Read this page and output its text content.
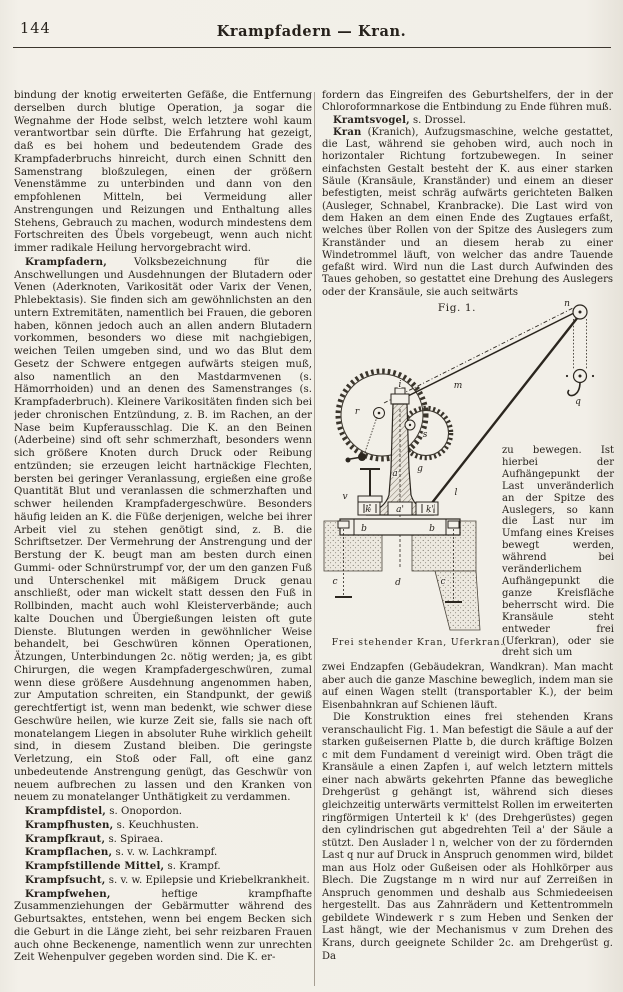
144	Krampfadern — Kran.

bindung der knotig erweiterten Gefäße, die Entfernung derselben durch blutige Operation, ja sogar die Wegnahme der Hode selbst, welch letztere wohl kaum verantwortbar sein dürfte. Die Erfahrung hat gezeigt, daß es bei hohem und bedeutendem Grade des Krampfaderbruchs hinreicht, durch einen Schnitt den Samenstrang bloßzulegen, einen der größern Venenstämme zu unterbinden und dann von den empfohlenen Mitteln, bei Vermeidung aller Anstrengungen und Reizungen und Enthaltung alles Stehens, Gebrauch zu machen, wodurch mindestens dem Fortschreiten des Übels vorgebeugt, wenn auch nicht immer radikale Heilung hervorgebracht wird.

Krampfadern, Volksbezeichnung für die Anschwellungen und Ausdehnungen der Blutadern oder Venen (Aderknoten, Varikosität oder Varix der Venen, Phlebektasis). Sie finden sich am gewöhnlichsten an den untern Extremitäten, namentlich bei Frauen, die geboren haben, können jedoch auch an allen andern Blutadern vorkommen, besonders wo diese mit nachgiebigen, weichen Teilen umgeben sind, und wo das Blut dem Gesetz der Schwere entgegen aufwärts steigen muß, also namentlich an den Mastdarmvenen (s. Hämorrhoiden) und an denen des Samenstranges (s. Krampfaderbruch). Kleinere Varikositäten finden sich bei jeder chronischen Entzündung, z. B. im Rachen, an der Nase beim Kupferausschlag. Die K. an den Beinen (Aderbeine) sind oft sehr schmerzhaft, besonders wenn sich größere Knoten durch Druck oder Reibung entzünden; sie erzeugen leicht hartnäckige Flechten, bersten bei geringer Veranlassung, ergießen eine große Quantität Blut und veranlassen die schmerzhaften und schwer heilenden Krampfadergeschwüre. Besonders häufig leiden an K. die Füße derjenigen, welche bei ihrer Arbeit viel zu stehen genötigt sind, z. B. die Schriftsetzer. Der Vermehrung der Anstrengung und der Berstung der K. beugt man am besten durch einen Gummi- oder Schnürstrumpf vor, der um den ganzen Fuß und Unterschenkel mit mäßigem Druck genau anschließt, oder man wickelt statt dessen den Fuß in Rollbinden, macht auch wohl Kleisterverbände; auch kalte Douchen und Übergießungen leisten oft gute Dienste. Blutungen werden in gewöhnlicher Weise behandelt, bei Geschwüren können Operationen, Ätzungen, Unterbindungen 2c. nötig werden; ja, es gibt Chirurgen, die wegen Krampfadergeschwüren, zumal wenn diese größere Ausdehnung angenommen haben, zur Amputation schreiten, ein Standpunkt, der gewiß gerechtfertigt ist, wenn man bedenkt, wie schwer diese Geschwüre heilen, wie kurze Zeit sie, falls sie nach oft monatelangem Liegen in absoluter Ruhe wirklich geheilt sind, in diesem Zustand bleiben. Die geringste Verletzung, ein Stoß oder Fall, oft eine ganz unbedeutende Anstrengung genügt, das Geschwür von neuem aufbrechen zu lassen und den Kranken von neuem zu monatelanger Unthätigkeit zu verdammen.

Krampfdistel, s. Onopordon.

Krampfhusten, s. Keuchhusten.

Krampfkraut, s. Spiraea.

Krampflachen, s. v. w. Lachkrampf.

Krampfstillende Mittel, s. Krampf.

Krampfsucht, s. v. w. Epilepsie und Kriebelkrankheit.

Krampfwehen, heftige krampfhafte Zusammenziehungen der Gebärmutter während des Geburtsaktes, entstehen, wenn bei engem Becken sich die Geburt in die Länge zieht, bei sehr reizbaren Frauen auch ohne Beckenenge, namentlich wenn zur unrechten Zeit Wehenpulver gegeben worden sind. Die K. er-

fordern das Eingreifen des Geburtshelfers, der in der Chloroformnarkose die Entbindung zu Ende führen muß.

Kramtsvogel, s. Drossel.

Kran (Kranich), Aufzugsmaschine, welche gestattet, die Last, während sie gehoben wird, auch noch in horizontaler Richtung fortzubewegen. In seiner einfachsten Gestalt besteht der K. aus einer starken Säule (Kransäule, Kranständer) und einem an dieser befestigten, meist schräg aufwärts gerichteten Balken (Ausleger, Schnabel, Kranbracke). Die Last wird von dem Haken an dem einen Ende des Zugtaues erfaßt, welches über Rollen von der Spitze des Auslegers zum Kranständer und an diesem herab zu einer Windetrommel läuft, von welcher das andre Tauende gefaßt wird. Wird nun die Last durch Aufwinden des Taues gehoben, so gestattet eine Drehung des Auslegers oder der Kransäule, sie auch seitwärts

Fig. 1.	n
m
l
q
r
i
s
g
a
v
k	a' k'
b	b
c	d	c
zu bewegen. Ist hierbei der Aufhängepunkt der Last unveränderlich an der Spitze des Auslegers, so kann die Last nur im Umfang eines Kreises bewegt werden, während bei veränderlichem Aufhängepunkt die ganze Kreisfläche beherrscht wird. Die Kransäule steht entweder frei (Uferkran), oder sie dreht sich um
Frei stehender Kran, Uferkran.

zwei Endzapfen (Gebäudekran, Wandkran). Man macht aber auch die ganze Maschine beweglich, indem man sie auf einen Wagen stellt (transportabler K.), der beim Eisenbahnkran auf Schienen läuft.

Die Konstruktion eines frei stehenden Krans veranschaulicht Fig. 1. Man befestigt die Säule a auf der starken gußeisernen Platte b, die durch kräftige Bolzen c mit dem Fundament d vereinigt wird. Oben trägt die Kransäule a einen Zapfen i, auf welch letztern mittels einer nach abwärts gekehrten Pfanne das bewegliche Drehgerüst g gehängt ist, während sich dieses gleichzeitig unterwärts vermittelst Rollen im erweiterten ringförmigen Unterteil k k' (des Drehgerüstes) gegen den cylindrischen gut abgedrehten Teil a' der Säule a stützt. Den Auslader l n, welcher von der zu fördernden Last q nur auf Druck in Anspruch genommen wird, bildet man aus Holz oder Gußeisen oder als Hohlkörper aus Blech. Die Zugstange m n wird nur auf Zerreißen in Anspruch genommen und deshalb aus Schmiedeeisen hergestellt. Das aus Zahnrädern und Kettentrommeln gebildete Windewerk r s zum Heben und Senken der Last hängt, wie der Mechanismus v zum Drehen des Krans, durch geeignete Schilder 2c. am Drehgerüst g. Da
